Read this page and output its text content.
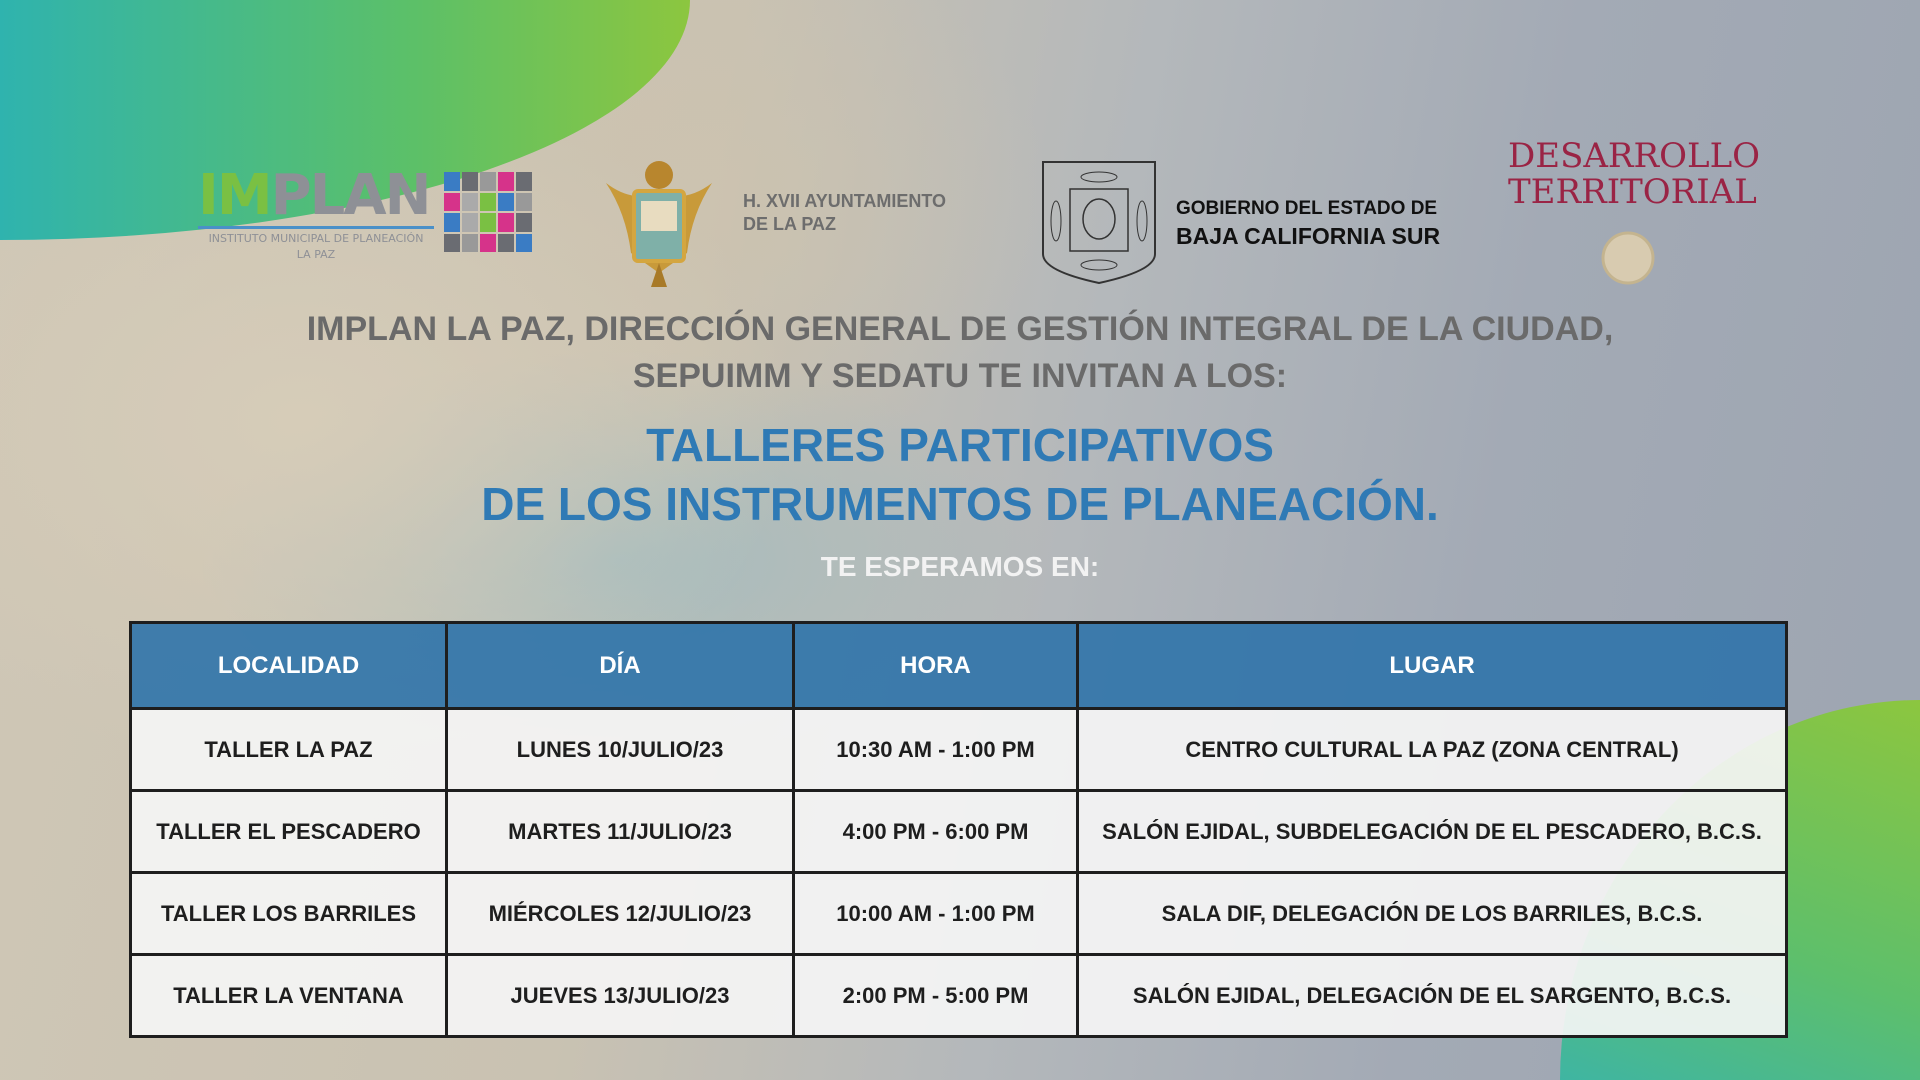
IMPLAN
INSTITUTO MUNICIPAL DE PLANEACIÓN
LA PAZ
H. XVII AYUNTAMIENTO
DE LA PAZ
GOBIERNO DEL ESTADO DE
BAJA CALIFORNIA SUR
DESARROLLO
TERRITORIAL
IMPLAN LA PAZ, DIRECCIÓN GENERAL DE GESTIÓN INTEGRAL DE LA CIUDAD,
SEPUIMM Y SEDATU TE INVITAN A LOS:
TALLERES PARTICIPATIVOS
DE LOS INSTRUMENTOS DE PLANEACIÓN.
TE ESPERAMOS EN:
LOCALIDAD	DÍA	HORA	LUGAR
TALLER LA PAZ	LUNES 10/JULIO/23	10:30 AM - 1:00 PM	CENTRO CULTURAL LA PAZ (ZONA CENTRAL)
TALLER EL PESCADERO	MARTES 11/JULIO/23	4:00 PM - 6:00 PM	SALÓN EJIDAL, SUBDELEGACIÓN DE EL PESCADERO, B.C.S.
TALLER LOS BARRILES	MIÉRCOLES 12/JULIO/23	10:00 AM - 1:00 PM	SALA DIF, DELEGACIÓN DE LOS BARRILES, B.C.S.
TALLER LA VENTANA	JUEVES 13/JULIO/23	2:00 PM - 5:00 PM	SALÓN EJIDAL, DELEGACIÓN DE EL SARGENTO, B.C.S.
